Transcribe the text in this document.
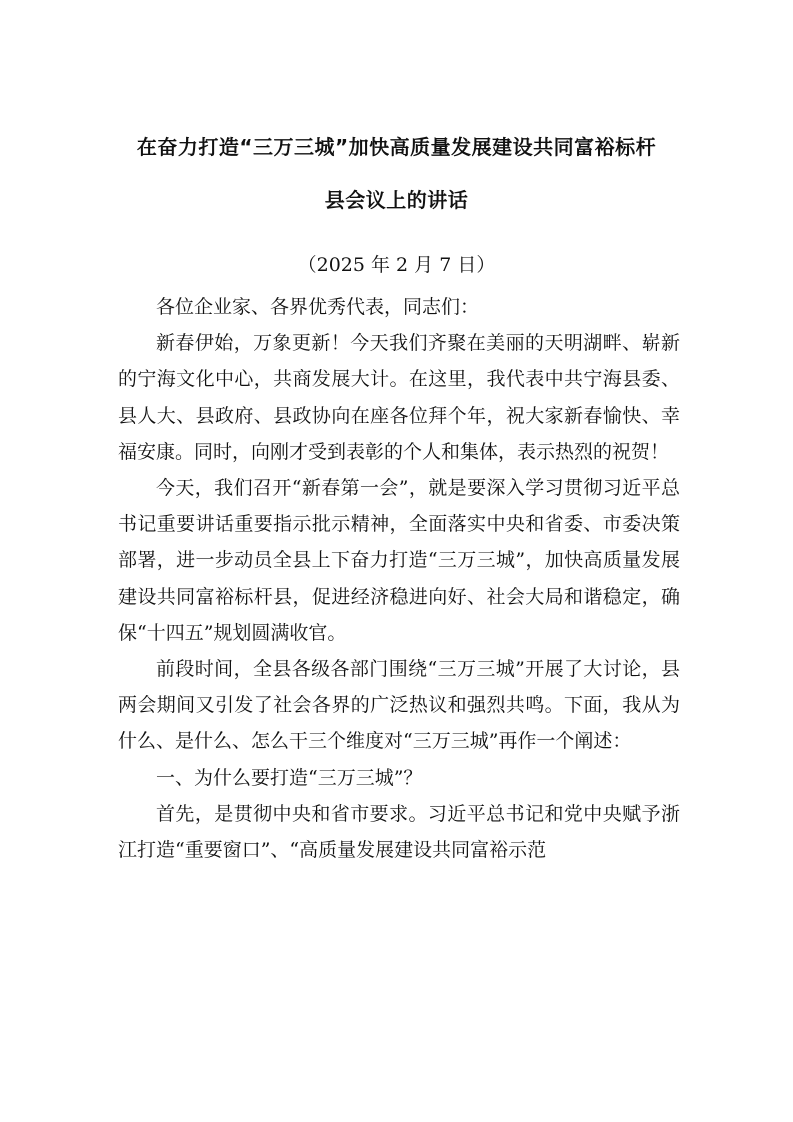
在奋力打造“三万三城”加快高质量发展建设共同富裕标杆
县会议上的讲话
（2025 年 2 月 7 日）

各位企业家、各界优秀代表，同志们：

新春伊始，万象更新！今天我们齐聚在美丽的天明湖畔、崭新的宁海文化中心，共商发展大计。在这里，我代表中共宁海县委、县人大、县政府、县政协向在座各位拜个年，祝大家新春愉快、幸福安康。同时，向刚才受到表彰的个人和集体，表示热烈的祝贺！

今天，我们召开“新春第一会”，就是要深入学习贯彻习近平总书记重要讲话重要指示批示精神，全面落实中央和省委、市委决策部署，进一步动员全县上下奋力打造“三万三城”，加快高质量发展建设共同富裕标杆县，促进经济稳进向好、社会大局和谐稳定，确保“十四五”规划圆满收官。

前段时间，全县各级各部门围绕“三万三城”开展了大讨论，县两会期间又引发了社会各界的广泛热议和强烈共鸣。下面，我从为什么、是什么、怎么干三个维度对“三万三城”再作一个阐述：

一、为什么要打造“三万三城”？

首先，是贯彻中央和省市要求。习近平总书记和党中央赋予浙江打造“重要窗口”、“高质量发展建设共同富裕示范
